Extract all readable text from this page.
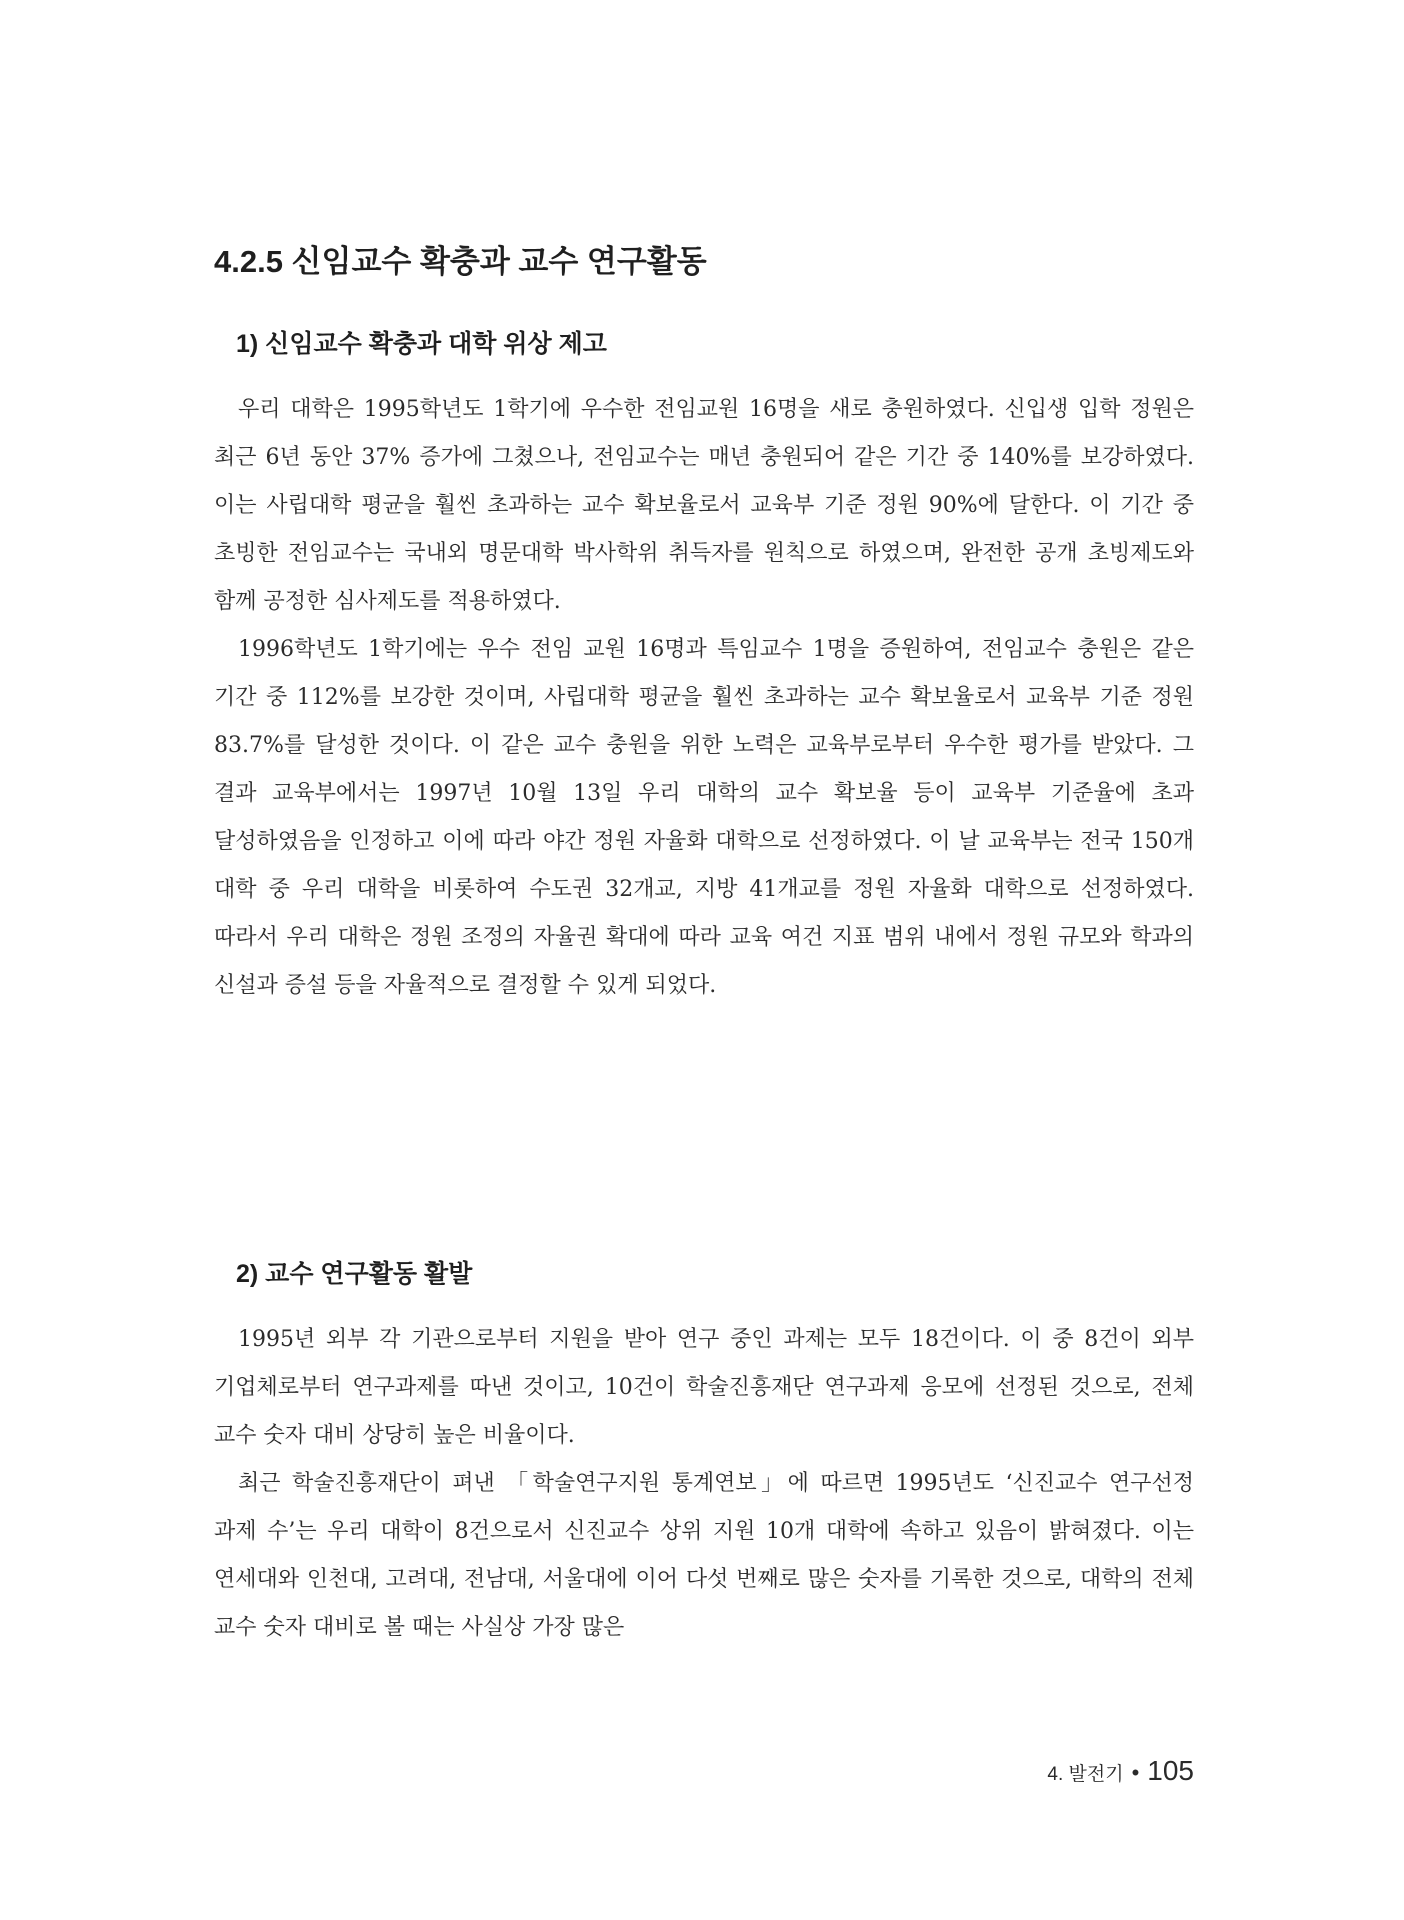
4.2.5 신임교수 확충과 교수 연구활동
1) 신임교수 확충과 대학 위상 제고

우리 대학은 1995학년도 1학기에 우수한 전임교원 16명을 새로 충원하였다. 신입생 입학 정원은 최근 6년 동안 37% 증가에 그쳤으나, 전임교수는 매년 충원되어 같은 기간 중 140%를 보강하였다. 이는 사립대학 평균을 훨씬 초과하는 교수 확보율로서 교육부 기준 정원 90%에 달한다. 이 기간 중 초빙한 전임교수는 국내외 명문대학 박사학위 취득자를 원칙으로 하였으며, 완전한 공개 초빙제도와 함께 공정한 심사제도를 적용하였다.

1996학년도 1학기에는 우수 전임 교원 16명과 특임교수 1명을 증원하여, 전임교수 충원은 같은 기간 중 112%를 보강한 것이며, 사립대학 평균을 훨씬 초과하는 교수 확보율로서 교육부 기준 정원 83.7%를 달성한 것이다. 이 같은 교수 충원을 위한 노력은 교육부로부터 우수한 평가를 받았다. 그 결과 교육부에서는 1997년 10월 13일 우리 대학의 교수 확보율 등이 교육부 기준율에 초과 달성하였음을 인정하고 이에 따라 야간 정원 자율화 대학으로 선정하였다. 이 날 교육부는 전국 150개 대학 중 우리 대학을 비롯하여 수도권 32개교, 지방 41개교를 정원 자율화 대학으로 선정하였다. 따라서 우리 대학은 정원 조정의 자율권 확대에 따라 교육 여건 지표 범위 내에서 정원 규모와 학과의 신설과 증설 등을 자율적으로 결정할 수 있게 되었다.

2) 교수 연구활동 활발

1995년 외부 각 기관으로부터 지원을 받아 연구 중인 과제는 모두 18건이다. 이 중 8건이 외부 기업체로부터 연구과제를 따낸 것이고, 10건이 학술진흥재단 연구과제 응모에 선정된 것으로, 전체 교수 숫자 대비 상당히 높은 비율이다.

최근 학술진흥재단이 펴낸 「학술연구지원 통계연보」에 따르면 1995년도 ‘신진교수 연구선정 과제 수’는 우리 대학이 8건으로서 신진교수 상위 지원 10개 대학에 속하고 있음이 밝혀졌다. 이는 연세대와 인천대, 고려대, 전남대, 서울대에 이어 다섯 번째로 많은 숫자를 기록한 것으로, 대학의 전체 교수 숫자 대비로 볼 때는 사실상 가장 많은

4. 발전기 • 105
